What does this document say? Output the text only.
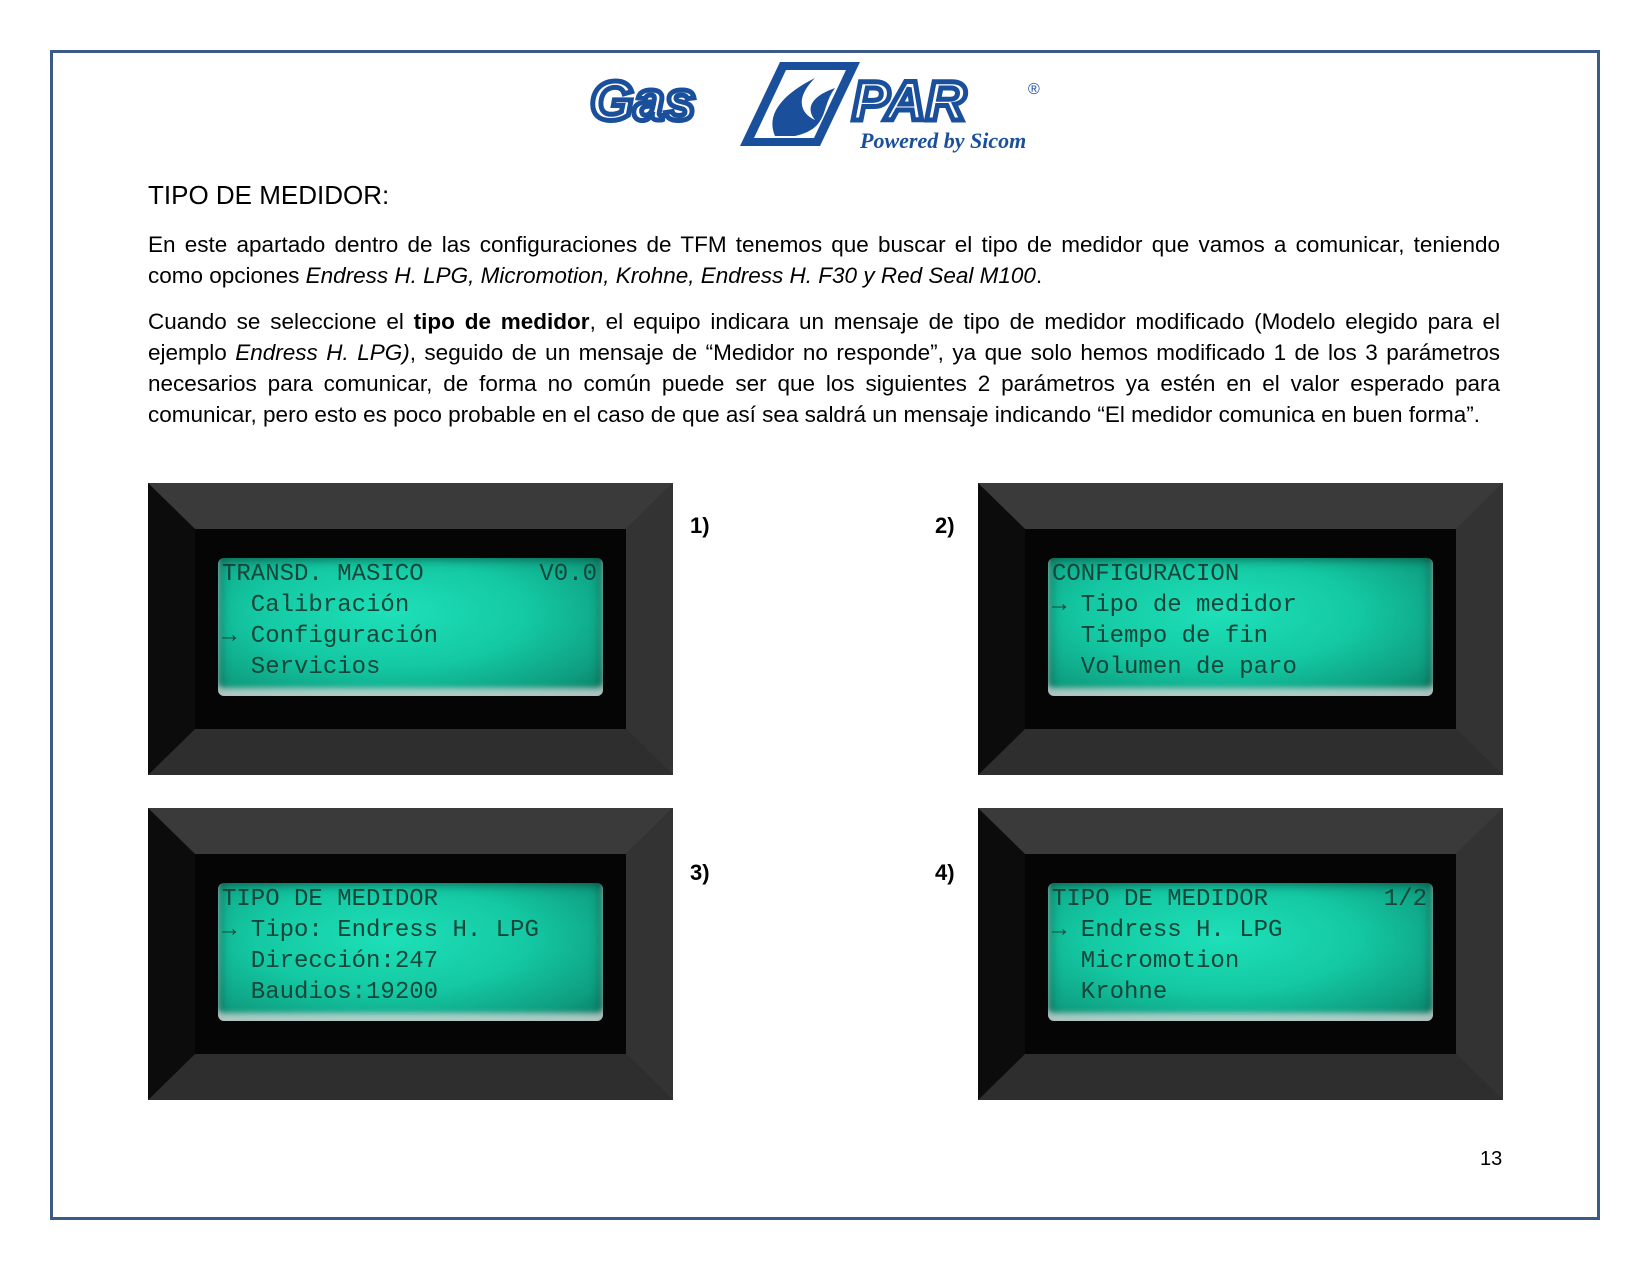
Gas	PAR	®
Powered by Sicom
TIPO DE MEDIDOR:

En este apartado dentro de las configuraciones de TFM tenemos que buscar el tipo de medidor que vamos a comunicar, teniendo como opciones Endress H. LPG, Micromotion, Krohne, Endress H. F30 y Red Seal M100.

Cuando se seleccione el tipo de medidor, el equipo indicara un mensaje de tipo de medidor modificado (Modelo elegido para el ejemplo Endress H. LPG), seguido de un mensaje de “Medidor no responde”, ya que solo hemos modificado 1 de los 3 parámetros necesarios para comunicar, de forma no común puede ser que los siguientes 2 parámetros ya estén en el valor esperado para comunicar, pero esto es poco probable en el caso de que así sea saldrá un mensaje indicando “El medidor comunica en buen forma”.

TRANSD. MASICO	V0.0
Calibración
→ Configuración
Servicios
1)
CONFIGURACION
→ Tipo de medidor
Tiempo de fin
Volumen de paro
2)
TIPO DE MEDIDOR
→ Tipo: Endress H. LPG
Dirección:247
Baudios:19200
3)
TIPO DE MEDIDOR	1/2
→ Endress H. LPG
Micromotion
Krohne
4)
13
